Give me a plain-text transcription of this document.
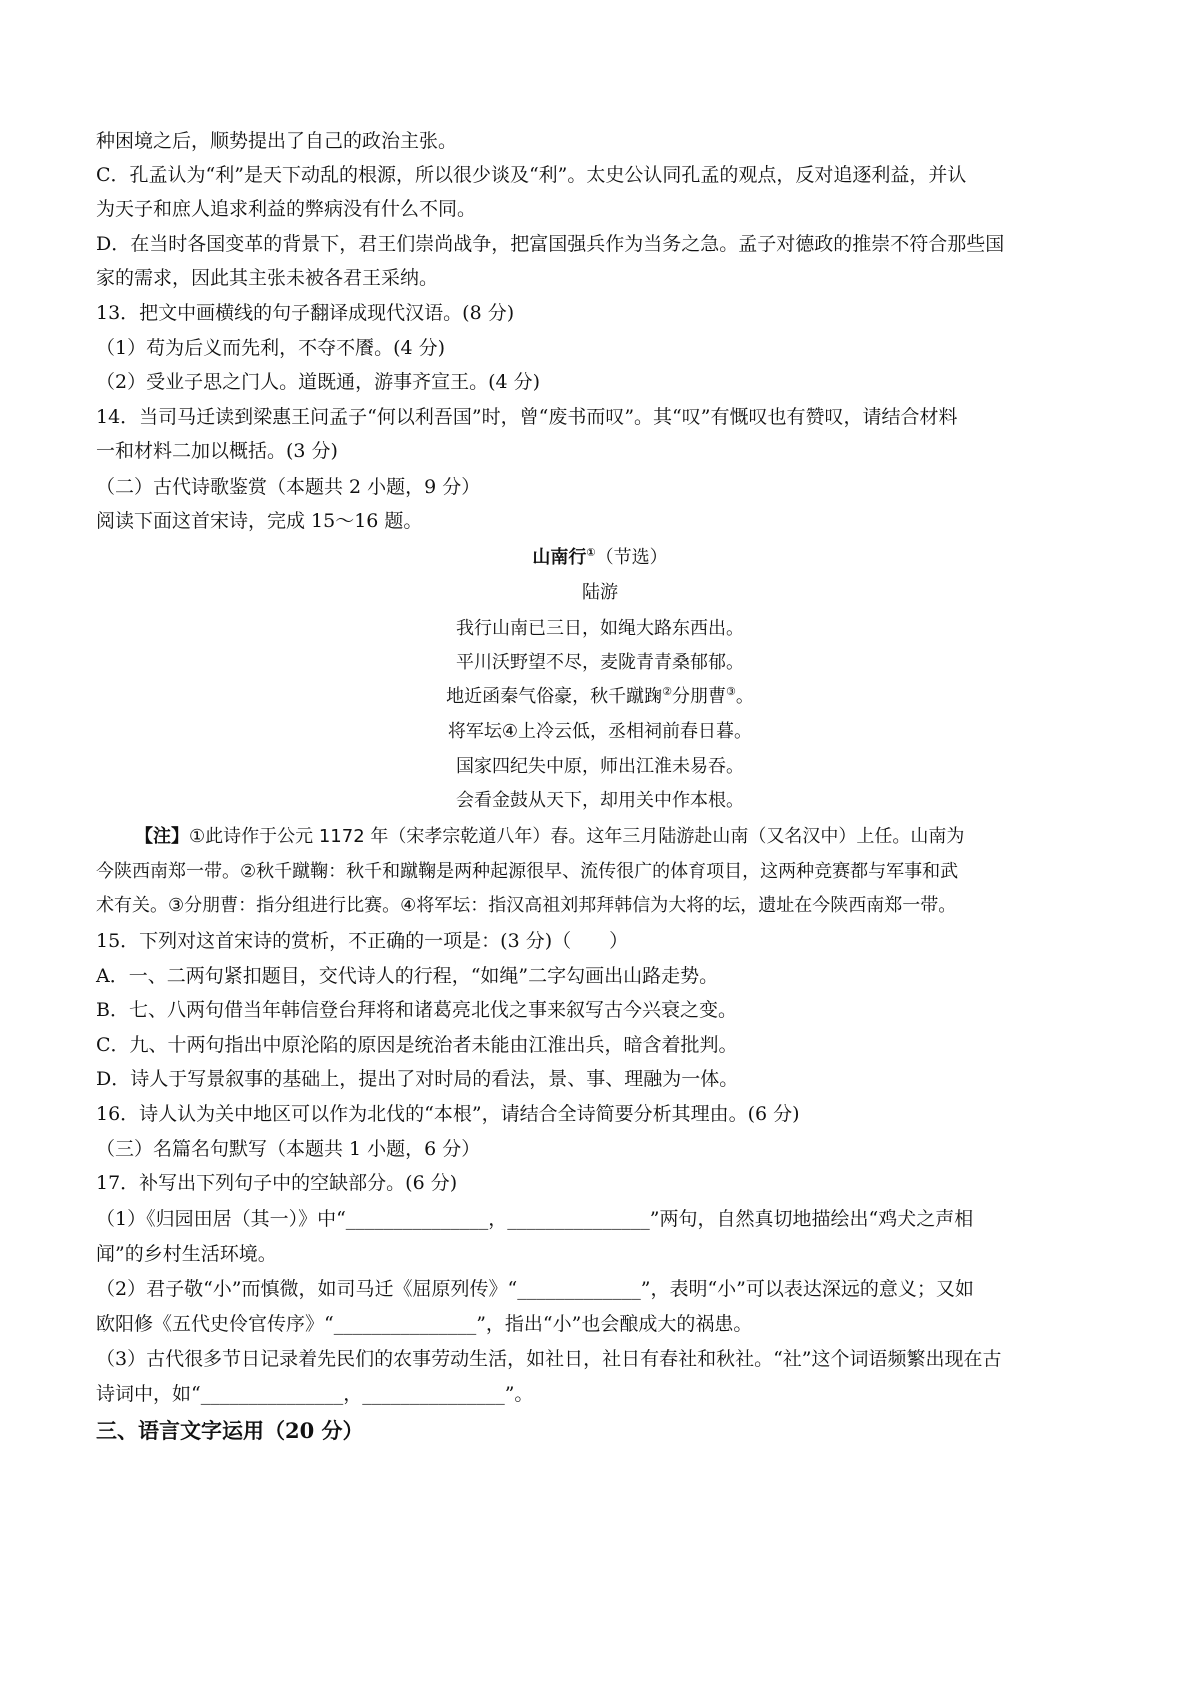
种困境之后，顺势提出了自己的政治主张。
C．孔孟认为“利”是天下动乱的根源，所以很少谈及“利”。太史公认同孔孟的观点，反对追逐利益，并认
为天子和庶人追求利益的弊病没有什么不同。
D．在当时各国变革的背景下，君王们崇尚战争，把富国强兵作为当务之急。孟子对德政的推崇不符合那些国
家的需求，因此其主张未被各君王采纳。
13．把文中画横线的句子翻译成现代汉语。(8 分)
（1）苟为后义而先利，不夺不餍。(4 分)
（2）受业子思之门人。道既通，游事齐宣王。(4 分)
14．当司马迁读到梁惠王问孟子“何以利吾国”时，曾“废书而叹”。其“叹”有慨叹也有赞叹，请结合材料
一和材料二加以概括。(3 分)
（二）古代诗歌鉴赏（本题共 2 小题，9 分）
阅读下面这首宋诗，完成 15～16 题。
山南行①（节选）
陆游
我行山南已三日，如绳大路东西出。
平川沃野望不尽，麦陇青青桑郁郁。
地近函秦气俗豪，秋千蹴踘②分朋曹③。
将军坛④上冷云低，丞相祠前春日暮。
国家四纪失中原，师出江淮未易吞。
会看金鼓从天下，却用关中作本根。
【注】①此诗作于公元 1172 年（宋孝宗乾道八年）春。这年三月陆游赴山南（又名汉中）上任。山南为
今陕西南郑一带。②秋千蹴鞠：秋千和蹴鞠是两种起源很早、流传很广的体育项目，这两种竞赛都与军事和武
术有关。③分朋曹：指分组进行比赛。④将军坛：指汉高祖刘邦拜韩信为大将的坛，遗址在今陕西南郑一带。
15．下列对这首宋诗的赏析，不正确的一项是：(3 分)（　　）
A．一、二两句紧扣题目，交代诗人的行程，“如绳”二字勾画出山路走势。
B．七、八两句借当年韩信登台拜将和诸葛亮北伐之事来叙写古今兴衰之变。
C．九、十两句指出中原沦陷的原因是统治者未能由江淮出兵，暗含着批判。
D．诗人于写景叙事的基础上，提出了对时局的看法，景、事、理融为一体。
16．诗人认为关中地区可以作为北伐的“本根”，请结合全诗简要分析其理由。(6 分)
（三）名篇名句默写（本题共 1 小题，6 分）
17．补写出下列句子中的空缺部分。(6 分)
（1）《归园田居（其一）》中“_______________，_______________”两句，自然真切地描绘出“鸡犬之声相
闻”的乡村生活环境。
（2）君子敬“小”而慎微，如司马迁《屈原列传》“_____________”，表明“小”可以表达深远的意义；又如
欧阳修《五代史伶官传序》“_______________”，指出“小”也会酿成大的祸患。
（3）古代很多节日记录着先民们的农事劳动生活，如社日，社日有春社和秋社。“社”这个词语频繁出现在古
诗词中，如“_______________，_______________”。
三、语言文字运用（20 分）
